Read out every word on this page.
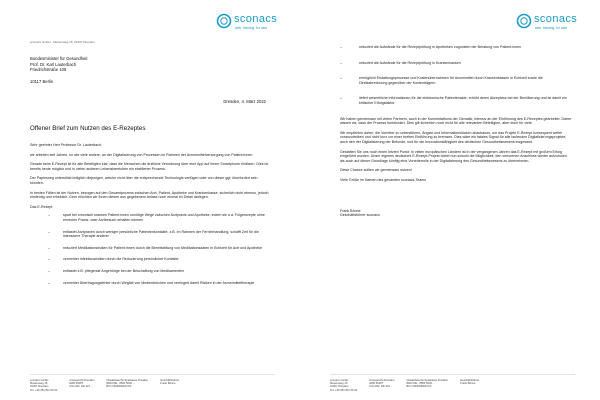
sconacs
web, thinking. for care
sconacs GmbH · Meisenweg 15, 01307 Dresden
Bundesminister für Gesundheit
Prof. Dr. Karl Lauterbach
Friedrichstraße 108
10117 Berlin
Dresden, 4. März 2022
Offener Brief zum Nutzen des E-Rezeptes

Sehr geehrter Herr Professor Dr. Lauterbach,

wir arbeiten seit Jahren, so wie viele andere, an der Digitalisierung von Prozessen im Rahmen der Arzneimittelversorgung von Patient:innen.

Gerade beim E-Rezept ist für alle Beteiligten klar, dass die Menschen die ärztliche Verordnung über eine App auf ihrem Smartphone einlösen. Dies ist bereits heute möglich und in vielen anderen Lebensbereichen ein etablierter Prozess.

Der Papierweg unterstützt lediglich diejenigen, welche nicht über die entsprechende Technologie verfügen oder von dieser ggf. überfordert sein könnten.

In besten Fällen ist der Nutzen, bezogen auf den Gesamtprozess zwischen Arzt, Patient, Apotheke und Krankenkasse, sicherlich nicht ebenso, jedoch eindeutig und erheblich. Gern möchten wir Ihnen diesen aus gegebenem Anlass noch einmal im Detail darlegen.

Das E-Rezept

– spart bei chronisch kranken Patient:innen unnötige Wege zwischen Arztpraxis und Apotheke, indem sie u.a. Folgerezepte ohne erneuten Praxis- oder Arztbesuch erhalten können
– entlastet Arztpraxen durch weniger persönliche Patientenkontakte, z.B. im Rahmen der Fernbehandlung, schafft Zeit für die intensivere Therapie anderer
– reduziert Medikationsrisiken für Patient:innen durch die Bereitstellung von Medikationsdaten in Echtzeit für Arzt und Apotheke
– vermeidet Infektionsrisiken durch die Reduzierung persönlicher Kontakte
– entlastet z.B. pflegende Angehörige bei der Beschaffung von Medikamenten
– vermeidet Übertragungsfehler durch Wegfall von Medienbrüchen und verringert damit Risiken in der Arzneimitteltherapie
sconacs GmbH
Meisenweg 15
01307 Dresden
Tel. +49 351 811 66 00
Amtsgericht Dresden
HRB 36487
USt-IdNr. DE 321 ...
Ostsächsische Sparkasse Dresden
IBAN DE.. 8500 5030 ...
BIC OSDDDE81XXX
Geschäftsführer
Frank Bönne
sconacs
web, thinking. for care
– reduziert die Aufwände für die Rezeptprüfung in Apotheken zugunsten der Beratung von Patient:innen
– reduziert die Aufwände für die Rezeptprüfung in Krankenkassen
– ermöglicht Erstattungsprozesse und Kostenübernahmen für Arzneimittel durch Krankenkassen in Echtzeit sowie die Direktabrechnung gegenüber der Kostenträgern
– liefert wesentliche Informationen für die elektronische Patientenakte, erhöht deren Akzeptanz bei der Bevölkerung und ist damit ein kritischer Erfolgsfaktor

Wir haben gemeinsam mit vielen Partnern, auch in der Konnektathons der Gematik, intensiv an der Einführung des E-Rezeptes gearbeitet. Daher wissen wir, dass der Prozess funktioniert. Dies gilt sicherlich noch nicht für alle relevanten Beteiligten, aber doch für viele.

Wir empfehlen daher, die Vorreiter zu unterstützen, Ängste und Informationslücken abzubauen, um das Projekt E-Rezept konsequent weiter voranzutreiben und nicht kurz vor einer breiten Einführung zu bremsen. Dies wäre ein fatales Signal für alle laufenden Digitalisierungsprojekte, auch den der Digitalisierung der Befunde, und für die Innovationsfähigkeit des deutschen Gesundheitswesens insgesamt.

Gestatten Sie uns noch einen letzten Punkt: In vielen europäischen Ländern ist in der vergangenen Jahren das E-Rezept mit großem Erfolg eingeführt worden. Unser eigenes deutsches E-Rezept-Projekt bietet nun sowohl die Möglichkeit, den verlorenen Anschluss wieder aufzuholen als auch auf dieser Grundlage künftig eine Vorreiterrolle in der Digitalisierung des Gesundheitswesens zu übernehmen.

Diese Chance sollten wir gemeinsam nutzen!

Viele Grüße im Namen des gesamten sconacs-Teams

Frank Bönne
Geschäftsführer sconacs
sconacs GmbH
Meisenweg 15
01307 Dresden
Tel. +49 351 811 66 00
Amtsgericht Dresden
HRB 36487
USt-IdNr. DE 321 ...
Ostsächsische Sparkasse Dresden
IBAN DE.. 8500 5030 ...
BIC OSDDDE81XXX
Geschäftsführer
Frank Bönne
